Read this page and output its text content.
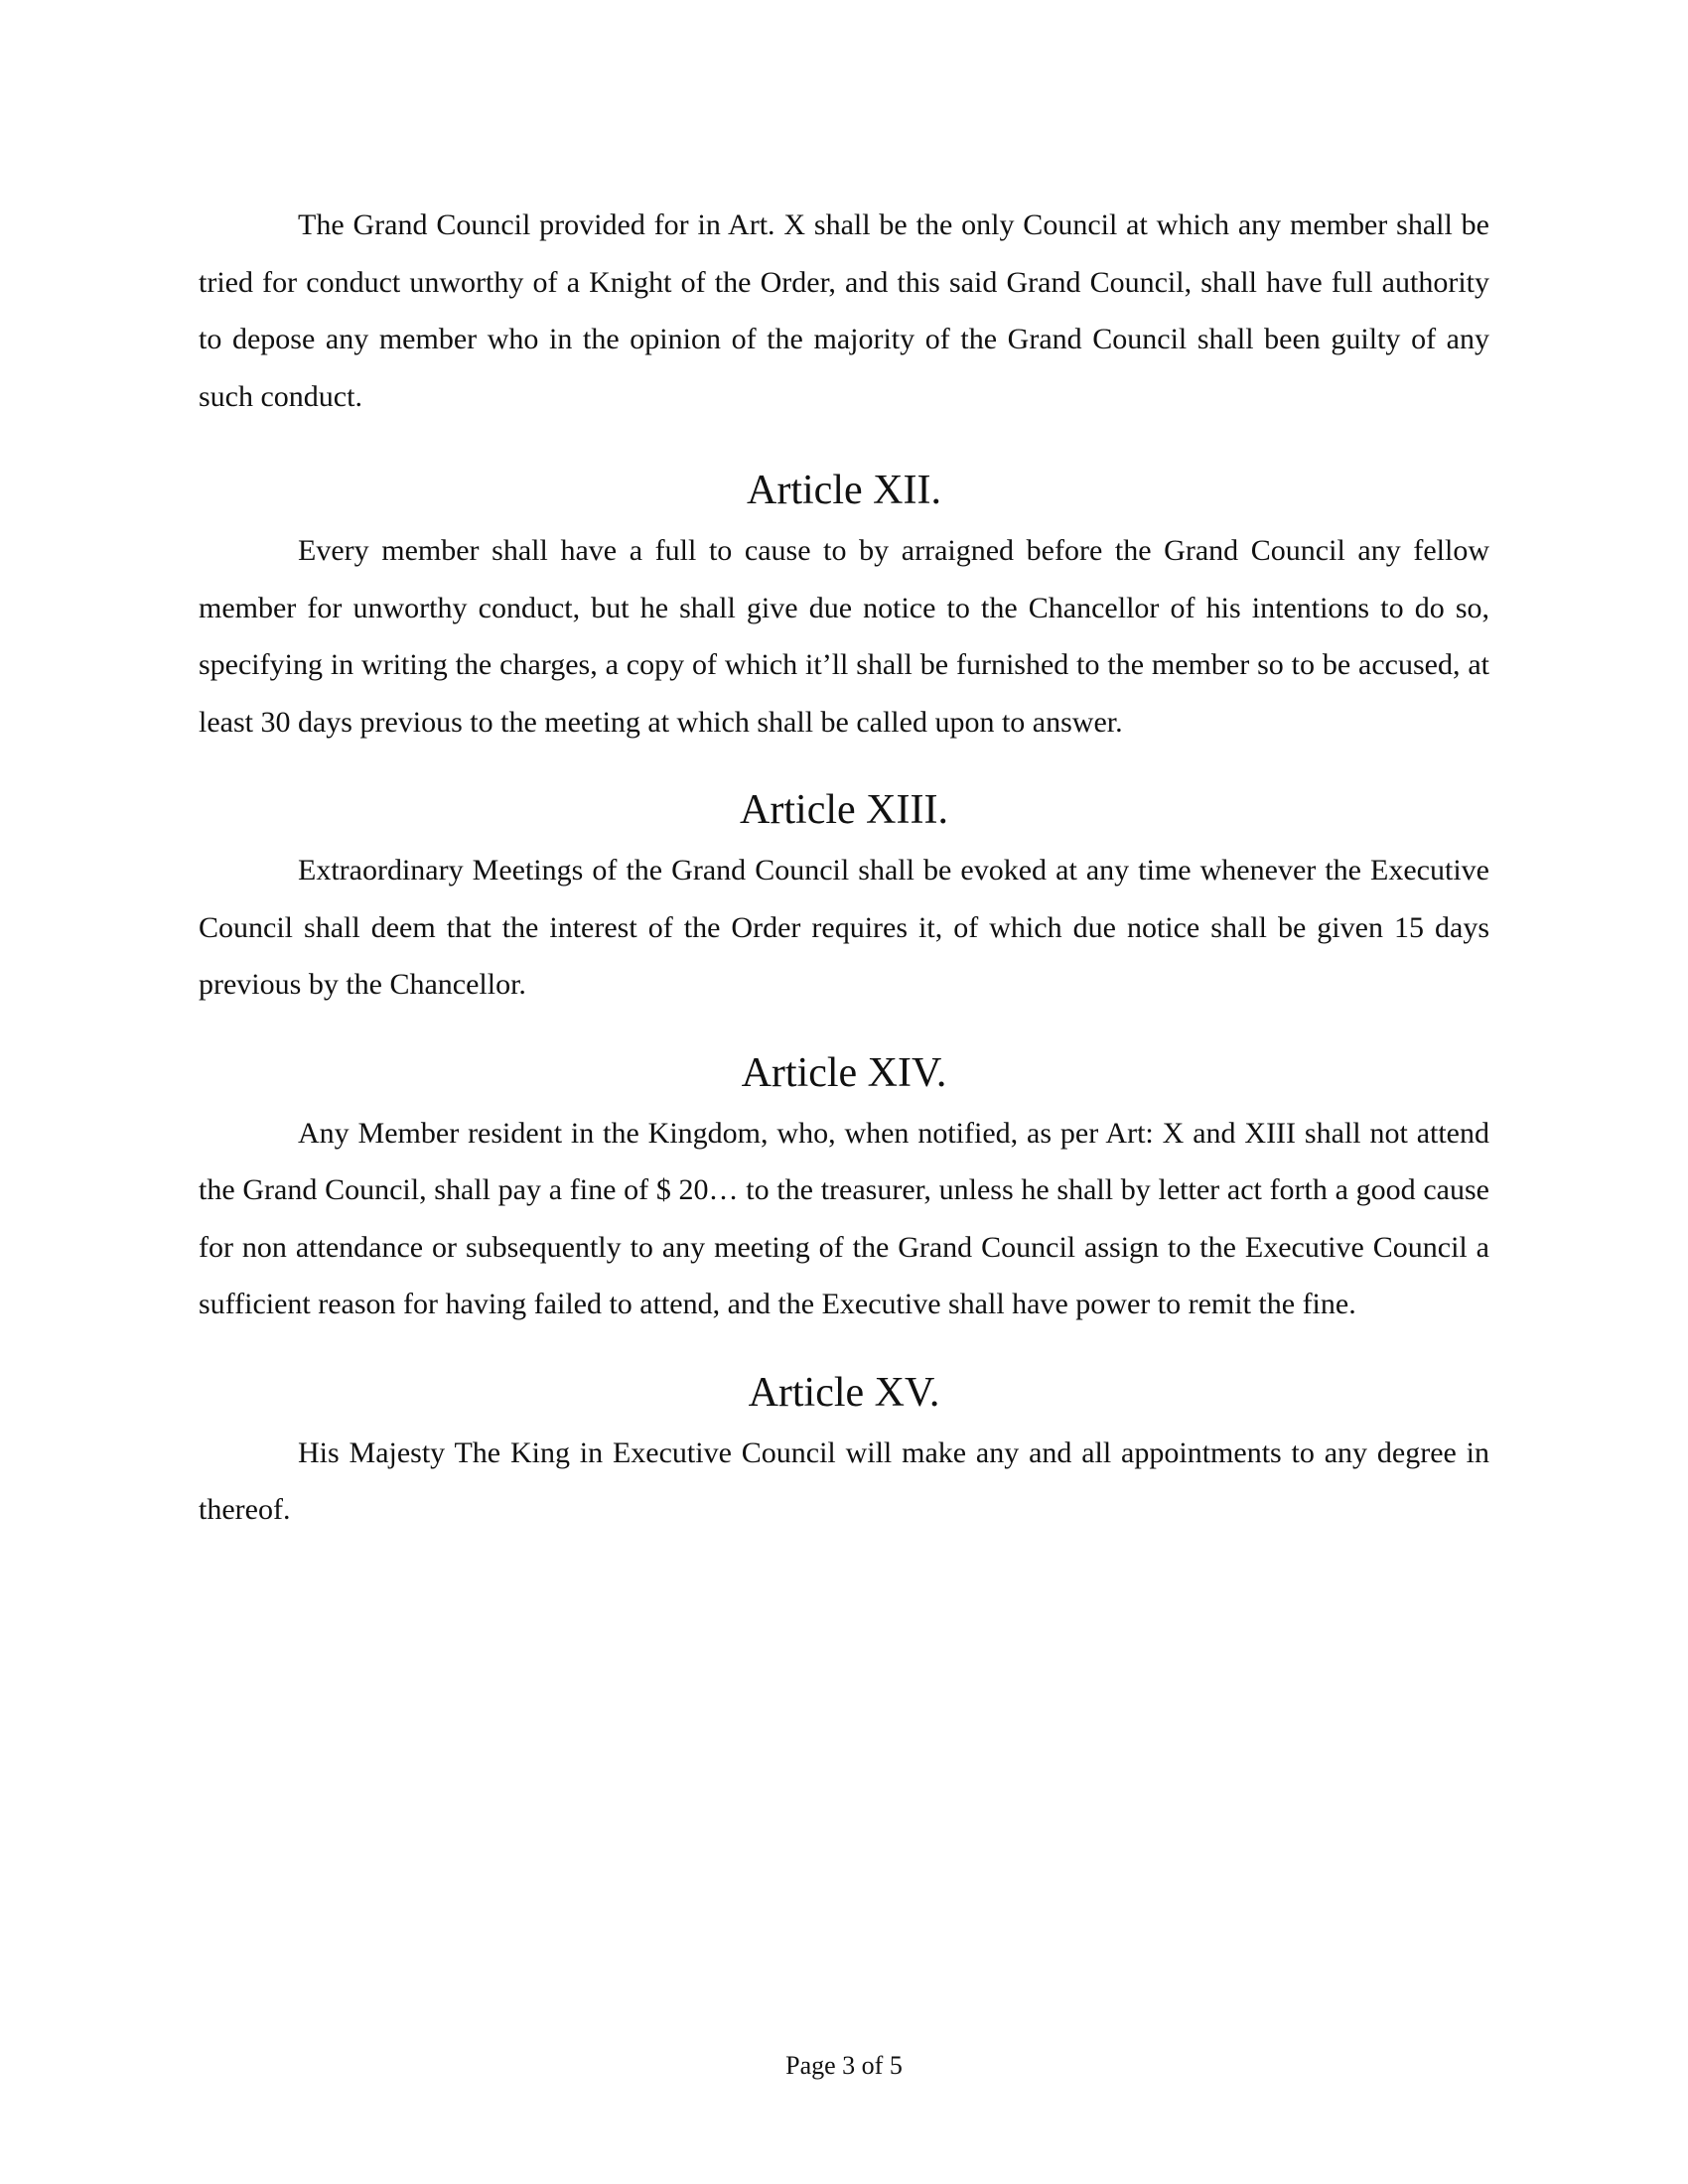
The Grand Council provided for in Art. X shall be the only Council at which any member shall be tried for conduct unworthy of a Knight of the Order, and this said Grand Council, shall have full authority to depose any member who in the opinion of the majority of the Grand Council shall been guilty of any such conduct.

Article XII.

Every member shall have a full to cause to by arraigned before the Grand Council any fellow member for unworthy conduct, but he shall give due notice to the Chancellor of his intentions to do so, specifying in writing the charges, a copy of which it’ll shall be furnished to the member so to be accused, at least 30 days previous to the meeting at which shall be called upon to answer.

Article XIII.

Extraordinary Meetings of the Grand Council shall be evoked at any time whenever the Executive Council shall deem that the interest of the Order requires it, of which due notice shall be given 15 days previous by the Chancellor.

Article XIV.

Any Member resident in the Kingdom, who, when notified, as per Art: X and XIII shall not attend the Grand Council, shall pay a fine of $ 20… to the treasurer, unless he shall by letter act forth a good cause for non attendance or subsequently to any meeting of the Grand Council assign to the Executive Council a sufficient reason for having failed to attend, and the Executive shall have power to remit the fine.

Article XV.

His Majesty The King in Executive Council will make any and all appointments to any degree in thereof.

Page 3 of 5
